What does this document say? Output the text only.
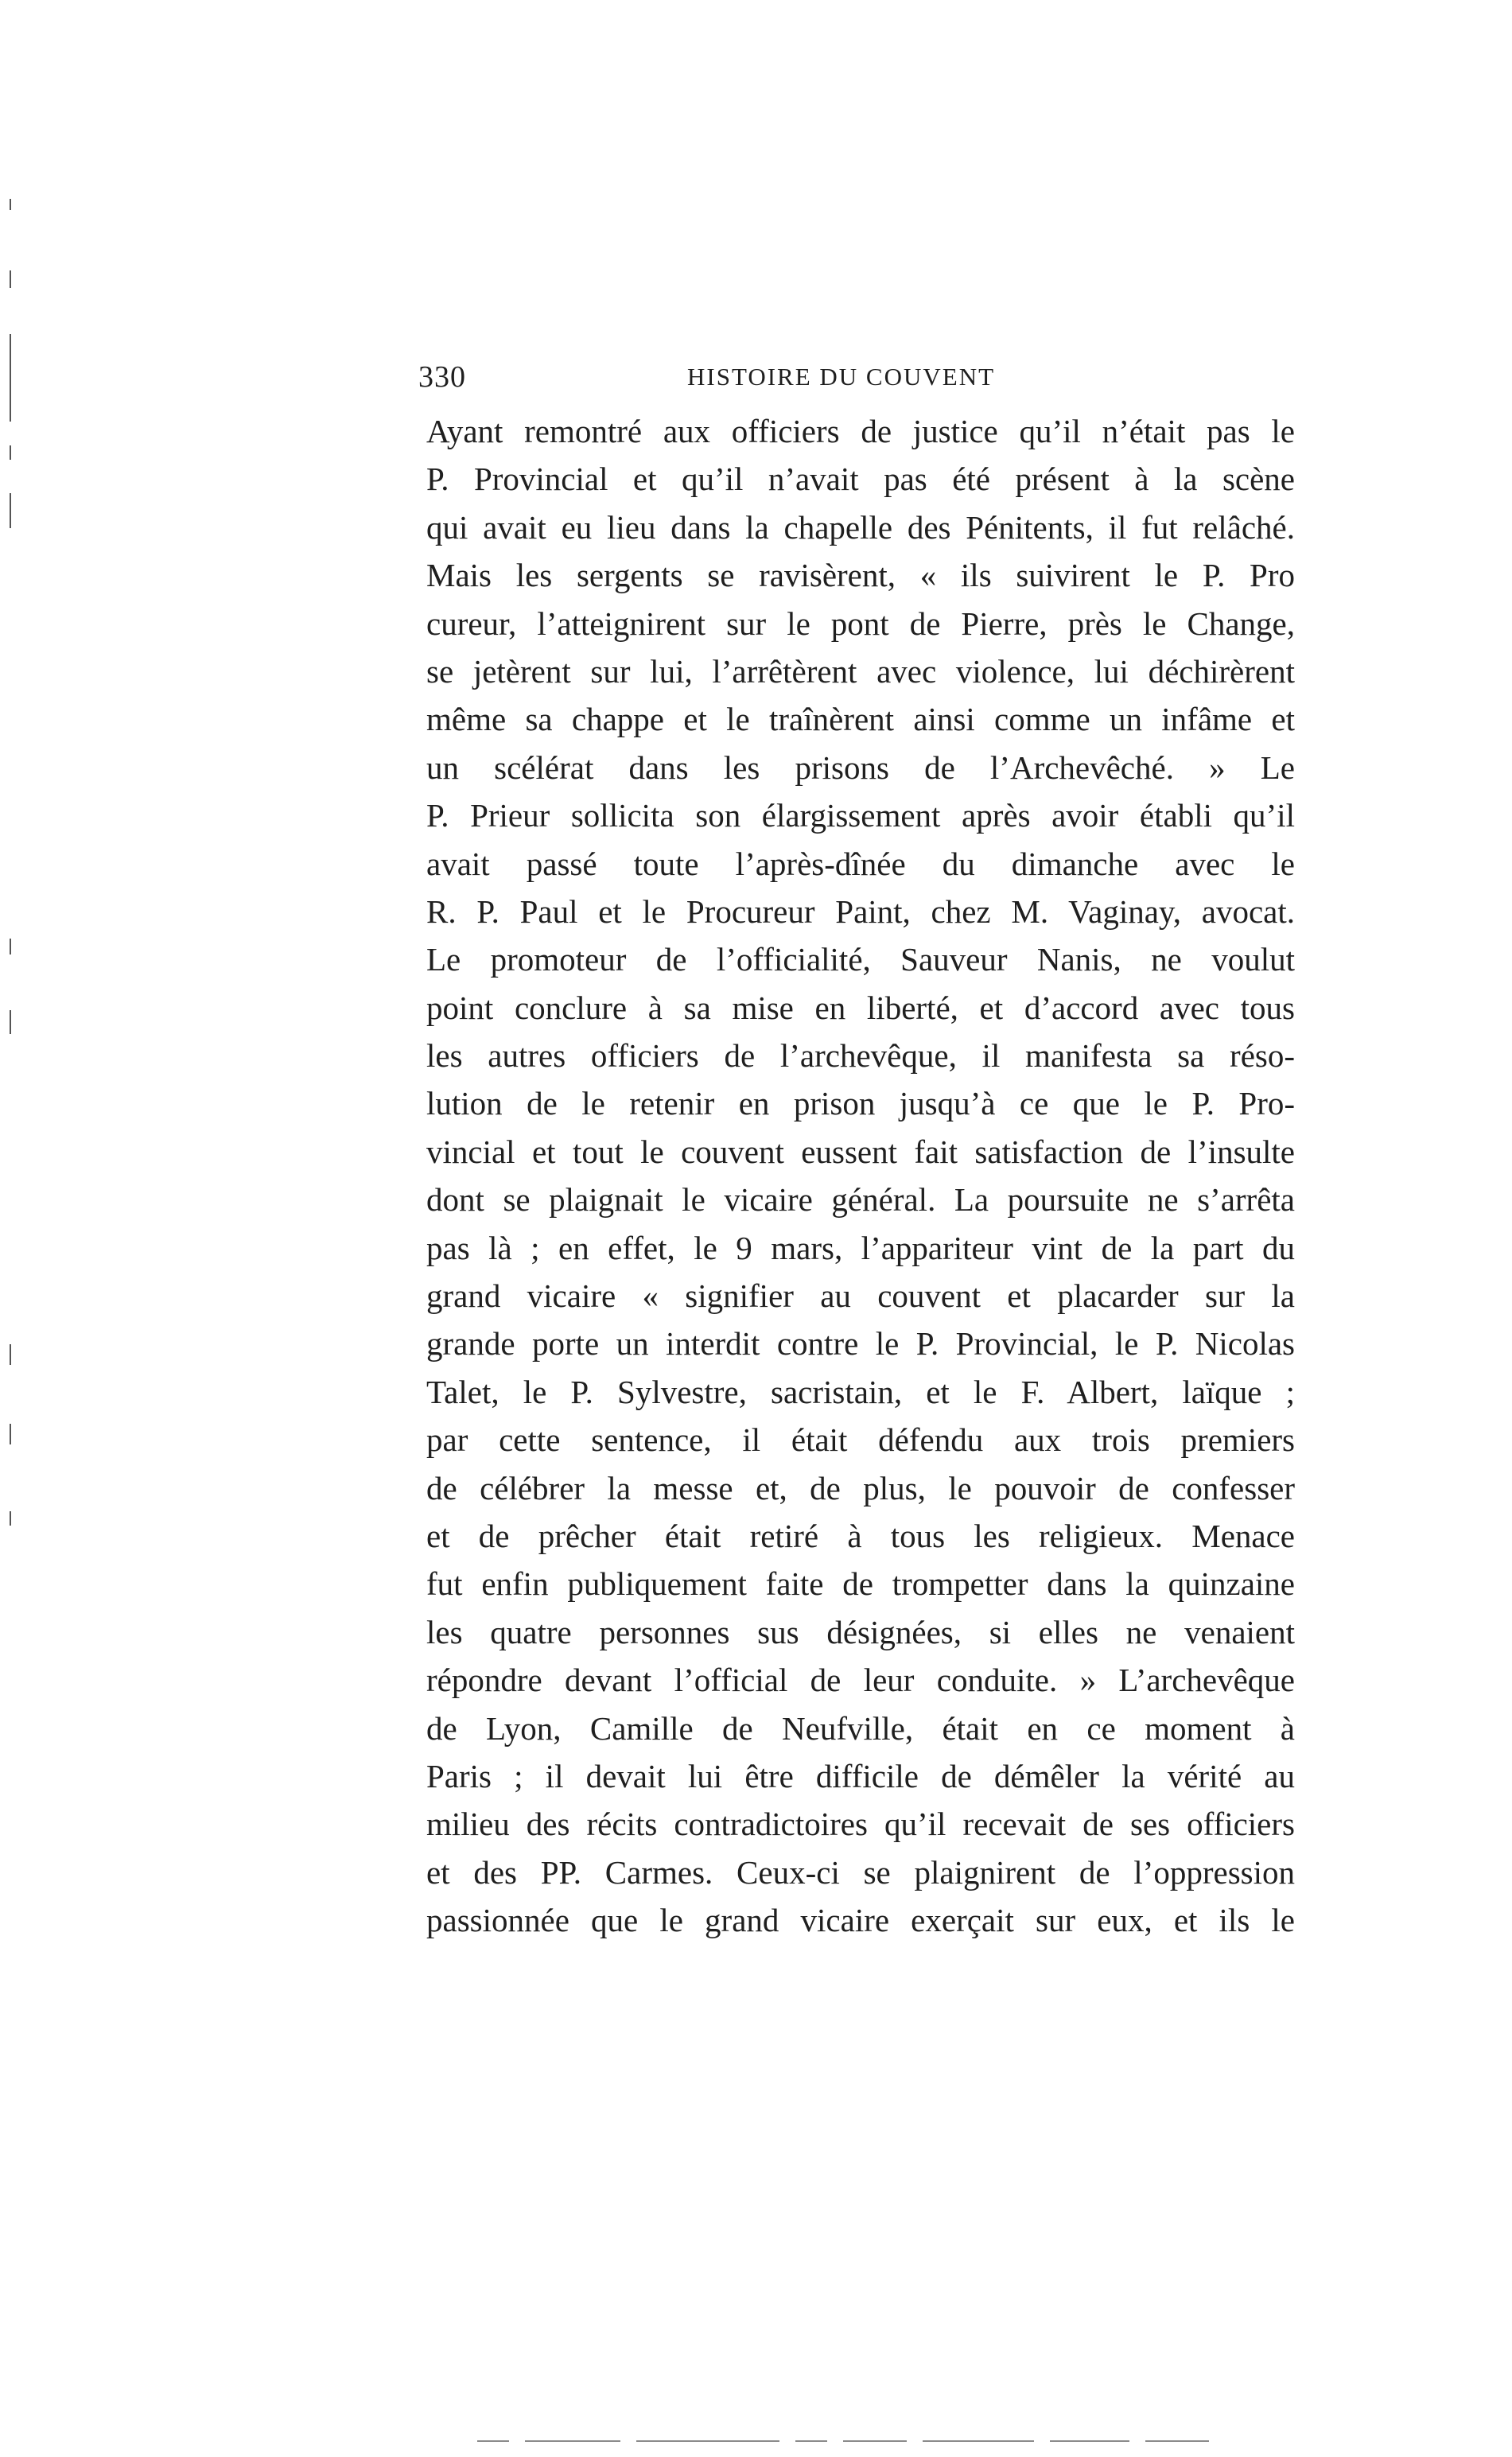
330	HISTOIRE DU COUVENT
Ayant remontré aux officiers de justice qu’il n’était pas le
P. Provincial et qu’il n’avait pas été présent à la scène
qui avait eu lieu dans la chapelle des Pénitents, il fut relâché.
Mais les sergents se ravisèrent, « ils suivirent le P. Pro
cureur, l’atteignirent sur le pont de Pierre, près le Change,
se jetèrent sur lui, l’arrêtèrent avec violence, lui déchirèrent
même sa chappe et le traînèrent ainsi comme un infâme et
un scélérat dans les prisons de l’Archevêché. » Le
P. Prieur sollicita son élargissement après avoir établi qu’il
avait passé toute l’après-dînée du dimanche avec le
R. P. Paul et le Procureur Paint, chez M. Vaginay, avocat.
Le promoteur de l’officialité, Sauveur Nanis, ne voulut
point conclure à sa mise en liberté, et d’accord avec tous
les autres officiers de l’archevêque, il manifesta sa réso-
lution de le retenir en prison jusqu’à ce que le P. Pro-
vincial et tout le couvent eussent fait satisfaction de l’insulte
dont se plaignait le vicaire général. La poursuite ne s’arrêta
pas là ; en effet, le 9 mars, l’appariteur vint de la part du
grand vicaire « signifier au couvent et placarder sur la
grande porte un interdit contre le P. Provincial, le P. Nicolas
Talet, le P. Sylvestre, sacristain, et le F. Albert, laïque ;
par cette sentence, il était défendu aux trois premiers
de célébrer la messe et, de plus, le pouvoir de confesser
et de prêcher était retiré à tous les religieux. Menace
fut enfin publiquement faite de trompetter dans la quinzaine
les quatre personnes sus désignées, si elles ne venaient
répondre devant l’official de leur conduite. » L’archevêque
de Lyon, Camille de Neufville, était en ce moment à
Paris ; il devait lui être difficile de démêler la vérité au
milieu des récits contradictoires qu’il recevait de ses officiers
et des PP. Carmes. Ceux-ci se plaignirent de l’oppression
passionnée que le grand vicaire exerçait sur eux, et ils le
